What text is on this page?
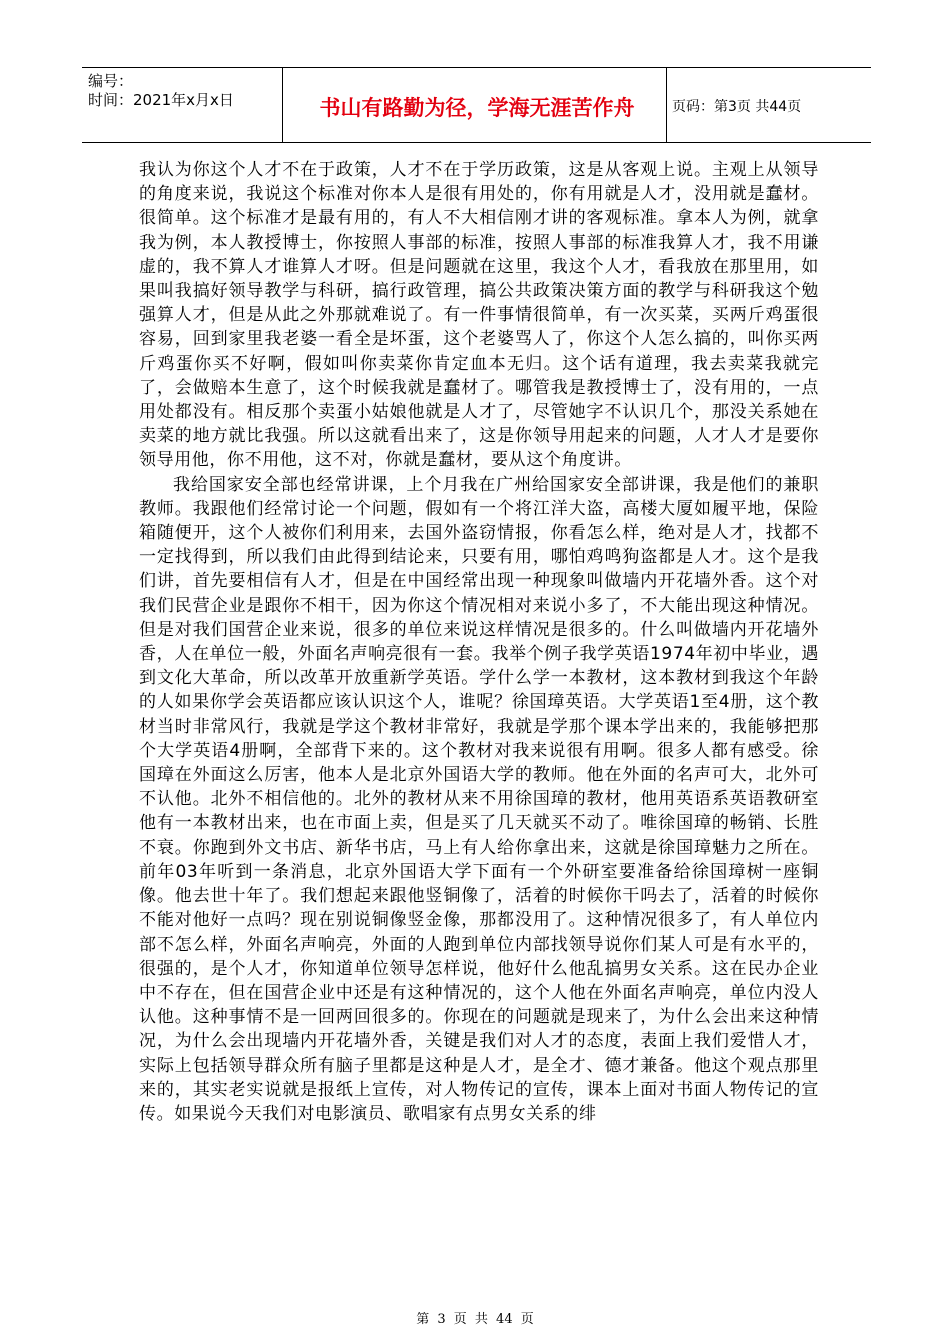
编号：
时间：2021年x月x日	书山有路勤为径，学海无涯苦作舟	页码：第3页 共44页

我认为你这个人才不在于政策，人才不在于学历政策，这是从客观上说。主观上从领导的角度来说，我说这个标准对你本人是很有用处的，你有用就是人才，没用就是蠢材。很简单。这个标准才是最有用的，有人不大相信刚才讲的客观标准。拿本人为例，就拿我为例，本人教授博士，你按照人事部的标准，按照人事部的标准我算人才，我不用谦虚的，我不算人才谁算人才呀。但是问题就在这里，我这个人才，看我放在那里用，如果叫我搞好领导教学与科研，搞行政管理，搞公共政策决策方面的教学与科研我这个勉强算人才，但是从此之外那就难说了。有一件事情很简单，有一次买菜，买两斤鸡蛋很容易，回到家里我老婆一看全是坏蛋，这个老婆骂人了，你这个人怎么搞的，叫你买两斤鸡蛋你买不好啊，假如叫你卖菜你肯定血本无归。这个话有道理，我去卖菜我就完了，会做赔本生意了，这个时候我就是蠢材了。哪管我是教授博士了，没有用的，一点用处都没有。相反那个卖蛋小姑娘他就是人才了，尽管她字不认识几个，那没关系她在卖菜的地方就比我强。所以这就看出来了，这是你领导用起来的问题，人才人才是要你领导用他，你不用他，这不对，你就是蠢材，要从这个角度讲。

我给国家安全部也经常讲课，上个月我在广州给国家安全部讲课，我是他们的兼职教师。我跟他们经常讨论一个问题，假如有一个将江洋大盗，高楼大厦如履平地，保险箱随便开，这个人被你们利用来，去国外盗窃情报，你看怎么样，绝对是人才，找都不一定找得到，所以我们由此得到结论来，只要有用，哪怕鸡鸣狗盗都是人才。这个是我们讲，首先要相信有人才，但是在中国经常出现一种现象叫做墙内开花墙外香。这个对我们民营企业是跟你不相干，因为你这个情况相对来说小多了，不大能出现这种情况。但是对我们国营企业来说，很多的单位来说这样情况是很多的。什么叫做墙内开花墙外香，人在单位一般，外面名声响亮很有一套。我举个例子我学英语1974年初中毕业，遇到文化大革命，所以改革开放重新学英语。学什么学一本教材，这本教材到我这个年龄的人如果你学会英语都应该认识这个人，谁呢？徐国璋英语。大学英语1至4册，这个教材当时非常风行，我就是学这个教材非常好，我就是学那个课本学出来的，我能够把那个大学英语4册啊，全部背下来的。这个教材对我来说很有用啊。很多人都有感受。徐国璋在外面这么厉害，他本人是北京外国语大学的教师。他在外面的名声可大，北外可不认他。北外不相信他的。北外的教材从来不用徐国璋的教材，他用英语系英语教研室他有一本教材出来，也在市面上卖，但是买了几天就买不动了。唯徐国璋的畅销、长胜不衰。你跑到外文书店、新华书店，马上有人给你拿出来，这就是徐国璋魅力之所在。前年03年听到一条消息，北京外国语大学下面有一个外研室要准备给徐国璋树一座铜像。他去世十年了。我们想起来跟他竖铜像了，活着的时候你干吗去了，活着的时候你不能对他好一点吗？现在别说铜像竖金像，那都没用了。这种情况很多了，有人单位内部不怎么样，外面名声响亮，外面的人跑到单位内部找领导说你们某人可是有水平的，很强的，是个人才，你知道单位领导怎样说，他好什么他乱搞男女关系。这在民办企业中不存在，但在国营企业中还是有这种情况的，这个人他在外面名声响亮，单位内没人认他。这种事情不是一回两回很多的。你现在的问题就是现来了，为什么会出来这种情况，为什么会出现墙内开花墙外香，关键是我们对人才的态度，表面上我们爱惜人才，实际上包括领导群众所有脑子里都是这种是人才，是全才、德才兼备。他这个观点那里来的，其实老实说就是报纸上宣传，对人物传记的宣传，课本上面对书面人物传记的宣传。如果说今天我们对电影演员、歌唱家有点男女关系的绯

第 3 页 共 44 页
